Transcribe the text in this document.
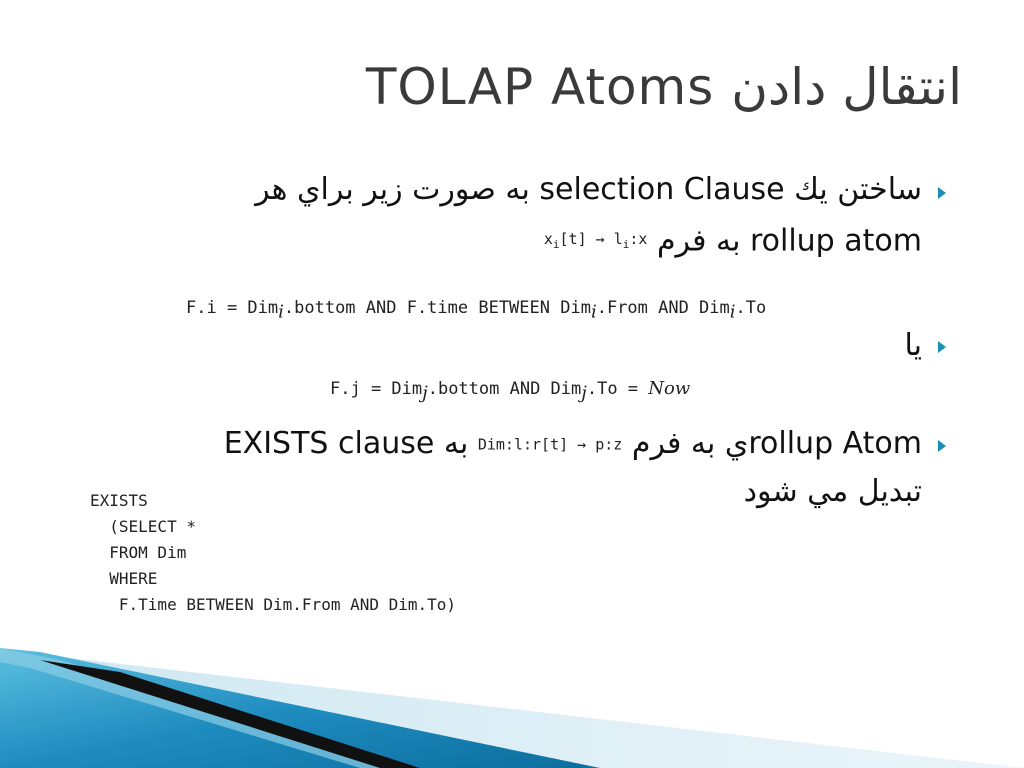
TOLAP Atoms انتقال دادن
ساختن يك selection Clause به صورت زير براي هر
rollup atom به فرم $x_i[t]$ → $l_i:x$
F.i = Dim$_i$.bottom AND F.time BETWEEN Dim$_i$.From AND Dim$_i$.To
يا
F.j = Dim$_j$.bottom AND Dim$_j$.To = Now
rollup Atomي به فرم Dim:l:r[t] → p:z به EXISTS clause
تبديل مي شود
EXISTS
(SELECT *
FROM Dim
WHERE
F.Time BETWEEN Dim.From AND Dim.To)
